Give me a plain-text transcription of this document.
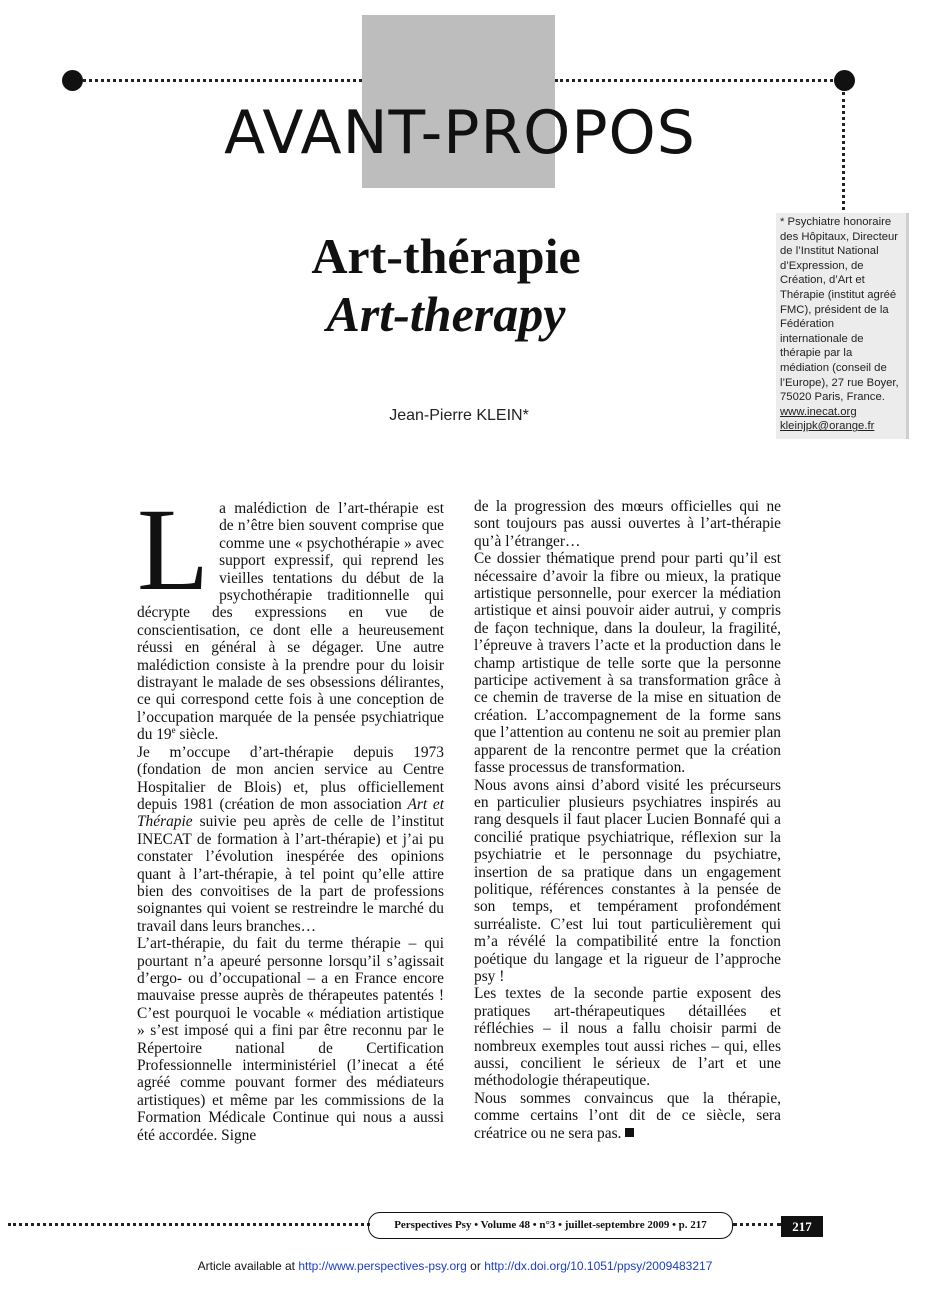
AVANT-PROPOS
* Psychiatre honoraire des Hôpitaux, Directeur de l’Institut National d’Expression, de Création, d’Art et Thérapie (institut agréé FMC), président de la Fédération internationale de thérapie par la médiation (conseil de l’Europe), 27 rue Boyer, 75020 Paris, France.
www.inecat.org
kleinjpk@orange.fr
Art-thérapie
Art-therapy
Jean-Pierre KLEIN*

La malédiction de l’art-thérapie est de n’être bien souvent comprise que comme une « psychothérapie » avec support expressif, qui reprend les vieilles tentations du début de la psychothérapie traditionnelle qui décrypte des expressions en vue de conscientisation, ce dont elle a heureusement réussi en général à se dégager. Une autre malédiction consiste à la prendre pour du loisir distrayant le malade de ses obsessions délirantes, ce qui correspond cette fois à une conception de l’occupation marquée de la pensée psychiatrique du 19e siècle.

Je m’occupe d’art-thérapie depuis 1973 (fondation de mon ancien service au Centre Hospitalier de Blois) et, plus officiellement depuis 1981 (création de mon association Art et Thérapie suivie peu après de celle de l’institut INECAT de formation à l’art-thérapie) et j’ai pu constater l’évolution inespérée des opinions quant à l’art-thérapie, à tel point qu’elle attire bien des convoitises de la part de professions soignantes qui voient se restreindre le marché du travail dans leurs branches…

L’art-thérapie, du fait du terme thérapie – qui pourtant n’a apeuré personne lorsqu’il s’agissait d’ergo- ou d’occupational – a en France encore mauvaise presse auprès de thérapeutes patentés ! C’est pourquoi le vocable « médiation artistique » s’est imposé qui a fini par être reconnu par le Répertoire national de Certification Professionnelle interministériel (l’inecat a été agréé comme pouvant former des médiateurs artistiques) et même par les commissions de la Formation Médicale Continue qui nous a aussi été accordée. Signe

de la progression des mœurs officielles qui ne sont toujours pas aussi ouvertes à l’art-thérapie qu’à l’étranger…

Ce dossier thématique prend pour parti qu’il est nécessaire d’avoir la fibre ou mieux, la pratique artistique personnelle, pour exercer la médiation artistique et ainsi pouvoir aider autrui, y compris de façon technique, dans la douleur, la fragilité, l’épreuve à travers l’acte et la production dans le champ artistique de telle sorte que la personne participe activement à sa transformation grâce à ce chemin de traverse de la mise en situation de création. L’accompagnement de la forme sans que l’attention au contenu ne soit au premier plan apparent de la rencontre permet que la création fasse processus de transformation.

Nous avons ainsi d’abord visité les précurseurs en particulier plusieurs psychiatres inspirés au rang desquels il faut placer Lucien Bonnafé qui a concilié pratique psychiatrique, réflexion sur la psychiatrie et le personnage du psychiatre, insertion de sa pratique dans un engagement politique, références constantes à la pensée de son temps, et tempérament profondément surréaliste. C’est lui tout particulièrement qui m’a révélé la compatibilité entre la fonction poétique du langage et la rigueur de l’approche psy !

Les textes de la seconde partie exposent des pratiques art-thérapeutiques détaillées et réfléchies – il nous a fallu choisir parmi de nombreux exemples tout aussi riches – qui, elles aussi, concilient le sérieux de l’art et une méthodologie thérapeutique.

Nous sommes convaincus que la thérapie, comme certains l’ont dit de ce siècle, sera créatrice ou ne sera pas.

Perspectives Psy • Volume 48 • n°3 • juillet-septembre 2009 • p. 217	217
Article available at http://www.perspectives-psy.org or http://dx.doi.org/10.1051/ppsy/2009483217
